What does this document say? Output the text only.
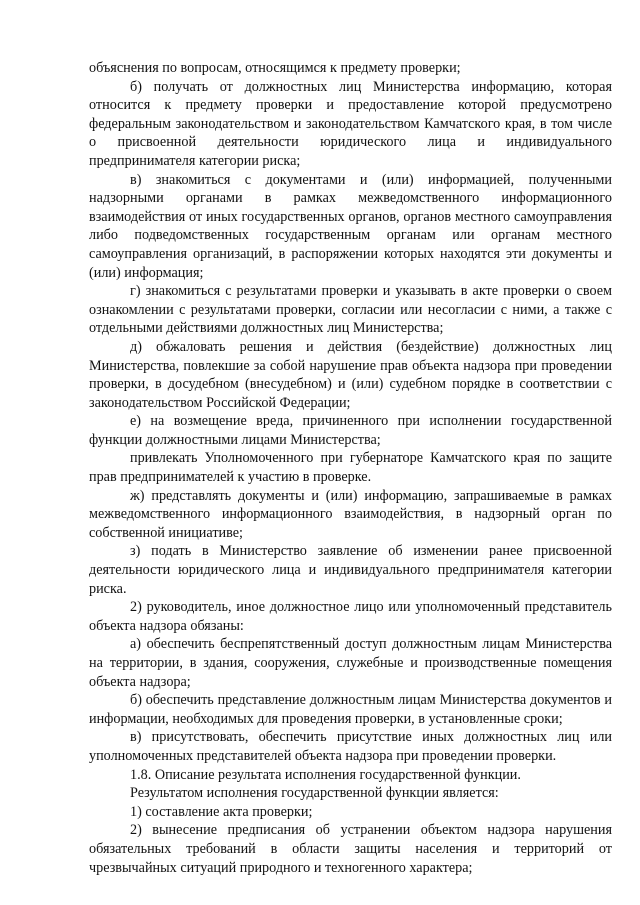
объяснения по вопросам, относящимся к предмету проверки;

б) получать от должностных лиц Министерства информацию, которая относится к предмету проверки и предоставление которой предусмотрено федеральным законодательством и законодательством Камчатского края, в том числе о присвоенной деятельности юридического лица и индивидуального предпринимателя категории риска;

в) знакомиться с документами и (или) информацией, полученными надзорными органами в рамках межведомственного информационного взаимодействия от иных государственных органов, органов местного самоуправления либо подведомственных государственным органам или органам местного самоуправления организаций, в распоряжении которых находятся эти документы и (или) информация;

г) знакомиться с результатами проверки и указывать в акте проверки о своем ознакомлении с результатами проверки, согласии или несогласии с ними, а также с отдельными действиями должностных лиц Министерства;

д) обжаловать решения и действия (бездействие) должностных лиц Министерства, повлекшие за собой нарушение прав объекта надзора при проведении проверки, в досудебном (внесудебном) и (или) судебном порядке в соответствии с законодательством Российской Федерации;

е) на возмещение вреда, причиненного при исполнении государственной функции должностными лицами Министерства;

привлекать Уполномоченного при губернаторе Камчатского края по защите прав предпринимателей к участию в проверке.

ж) представлять документы и (или) информацию, запрашиваемые в рамках межведомственного информационного взаимодействия, в надзорный орган по собственной инициативе;

з) подать в Министерство заявление об изменении ранее присвоенной деятельности юридического лица и индивидуального предпринимателя категории риска.

2) руководитель, иное должностное лицо или уполномоченный представитель объекта надзора обязаны:

а) обеспечить беспрепятственный доступ должностным лицам Министерства на территории, в здания, сооружения, служебные и производственные помещения объекта надзора;

б) обеспечить представление должностным лицам Министерства документов и информации, необходимых для проведения проверки, в установленные сроки;

в) присутствовать, обеспечить присутствие иных должностных лиц или уполномоченных представителей объекта надзора при проведении проверки.

1.8. Описание результата исполнения государственной функции.

Результатом исполнения государственной функции является:

1) составление акта проверки;

2) вынесение предписания об устранении объектом надзора нарушения обязательных требований в области защиты населения и территорий от чрезвычайных ситуаций природного и техногенного характера;
